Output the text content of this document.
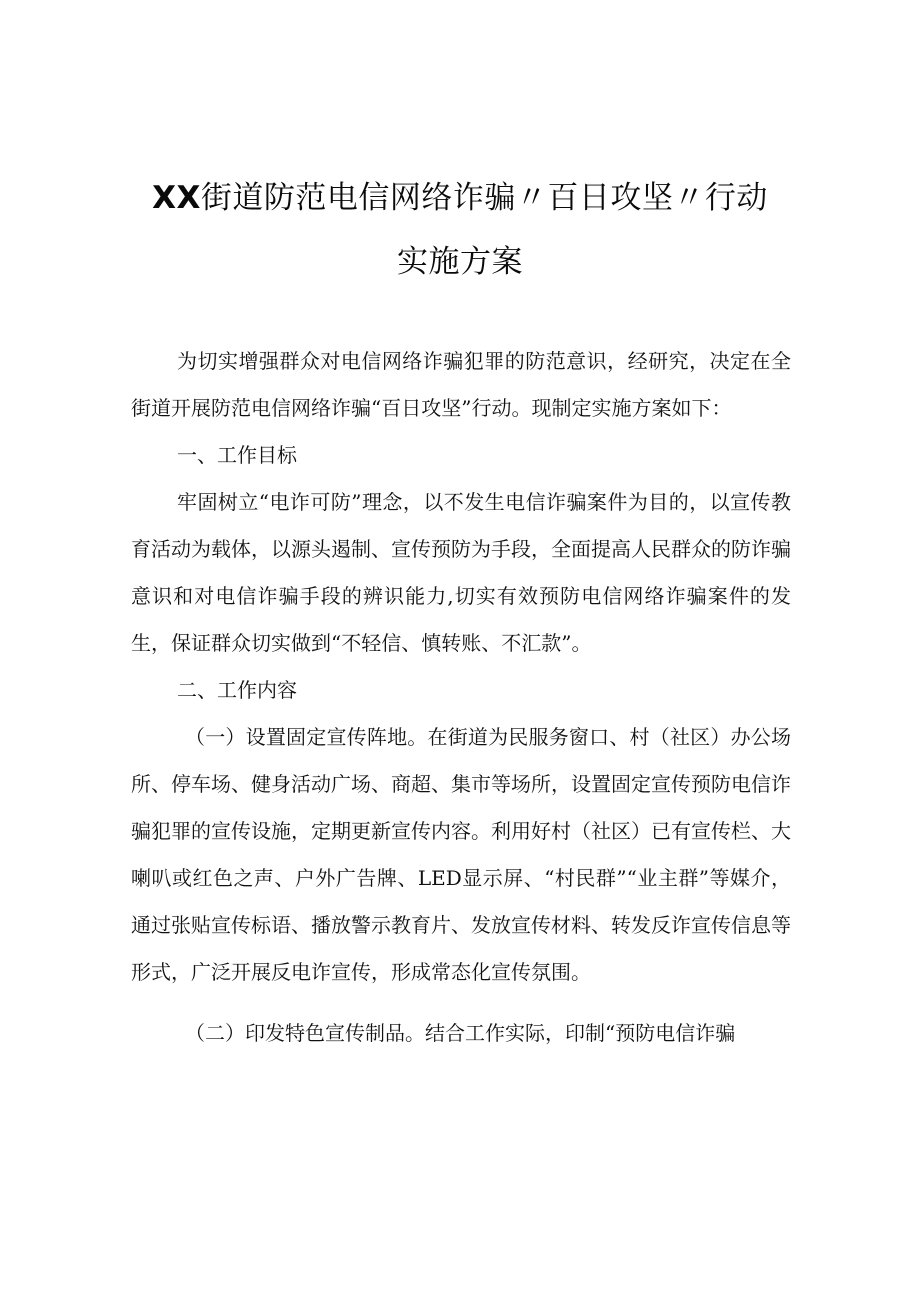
XX街道防范电信网络诈骗〃百日攻坚〃行动
实施方案

为切实增强群众对电信网络诈骗犯罪的防范意识，经研究，决定在全街道开展防范电信网络诈骗“百日攻坚”行动。现制定实施方案如下：

一、工作目标

牢固树立“电诈可防”理念，以不发生电信诈骗案件为目的，以宣传教育活动为载体，以源头遏制、宣传预防为手段，全面提高人民群众的防诈骗意识和对电信诈骗手段的辨识能力,切实有效预防电信网络诈骗案件的发生，保证群众切实做到“不轻信、慎转账、不汇款”。

二、工作内容

（一）设置固定宣传阵地。在街道为民服务窗口、村（社区）办公场所、停车场、健身活动广场、商超、集市等场所，设置固定宣传预防电信诈骗犯罪的宣传设施，定期更新宣传内容。利用好村（社区）已有宣传栏、大喇叭或红色之声、户外广告牌、LED显示屏、“村民群”“业主群”等媒介，通过张贴宣传标语、播放警示教育片、发放宣传材料、转发反诈宣传信息等形式，广泛开展反电诈宣传，形成常态化宣传氛围。

（二）印发特色宣传制品。结合工作实际，印制“预防电信诈骗
